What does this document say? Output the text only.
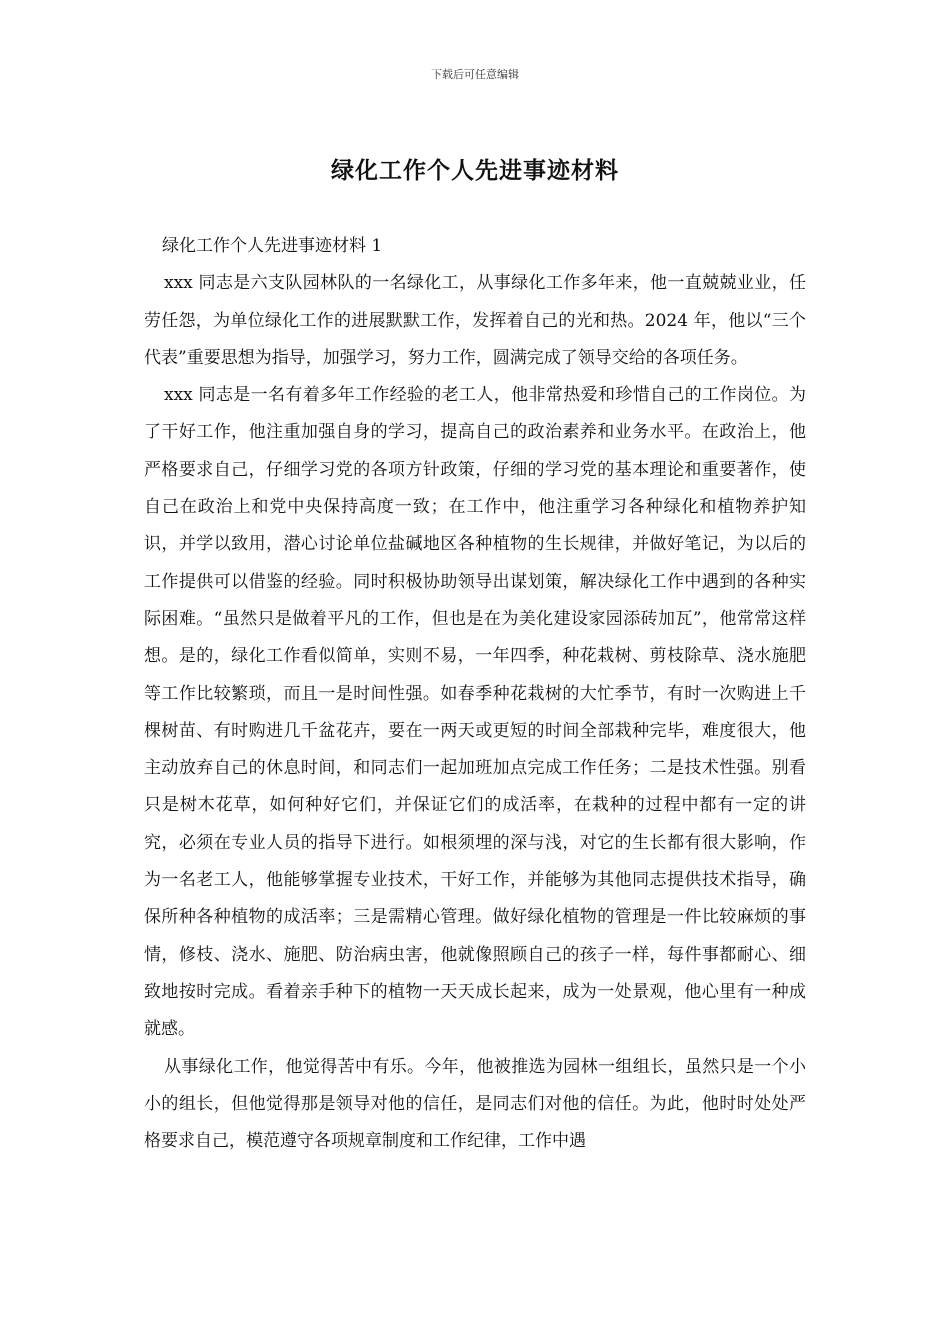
下载后可任意编辑
绿化工作个人先进事迹材料

绿化工作个人先进事迹材料 1

xxx 同志是六支队园林队的一名绿化工，从事绿化工作多年来，他一直兢兢业业，任劳任怨，为单位绿化工作的进展默默工作，发挥着自己的光和热。2024 年，他以“三个代表”重要思想为指导，加强学习，努力工作，圆满完成了领导交给的各项任务。

xxx 同志是一名有着多年工作经验的老工人，他非常热爱和珍惜自己的工作岗位。为了干好工作，他注重加强自身的学习，提高自己的政治素养和业务水平。在政治上，他严格要求自己，仔细学习党的各项方针政策，仔细的学习党的基本理论和重要著作，使自己在政治上和党中央保持高度一致；在工作中，他注重学习各种绿化和植物养护知识，并学以致用，潜心讨论单位盐碱地区各种植物的生长规律，并做好笔记，为以后的工作提供可以借鉴的经验。同时积极协助领导出谋划策，解决绿化工作中遇到的各种实际困难。“虽然只是做着平凡的工作，但也是在为美化建设家园添砖加瓦”，他常常这样想。是的，绿化工作看似简单，实则不易，一年四季，种花栽树、剪枝除草、浇水施肥等工作比较繁琐，而且一是时间性强。如春季种花栽树的大忙季节，有时一次购进上千棵树苗、有时购进几千盆花卉，要在一两天或更短的时间全部栽种完毕，难度很大，他主动放弃自己的休息时间，和同志们一起加班加点完成工作任务；二是技术性强。别看只是树木花草，如何种好它们，并保证它们的成活率，在栽种的过程中都有一定的讲究，必须在专业人员的指导下进行。如根须埋的深与浅，对它的生长都有很大影响，作为一名老工人，他能够掌握专业技术，干好工作，并能够为其他同志提供技术指导，确保所种各种植物的成活率；三是需精心管理。做好绿化植物的管理是一件比较麻烦的事情，修枝、浇水、施肥、防治病虫害，他就像照顾自己的孩子一样，每件事都耐心、细致地按时完成。看着亲手种下的植物一天天成长起来，成为一处景观，他心里有一种成就感。

从事绿化工作，他觉得苦中有乐。今年，他被推选为园林一组组长，虽然只是一个小小的组长，但他觉得那是领导对他的信任，是同志们对他的信任。为此，他时时处处严格要求自己，模范遵守各项规章制度和工作纪律，工作中遇
